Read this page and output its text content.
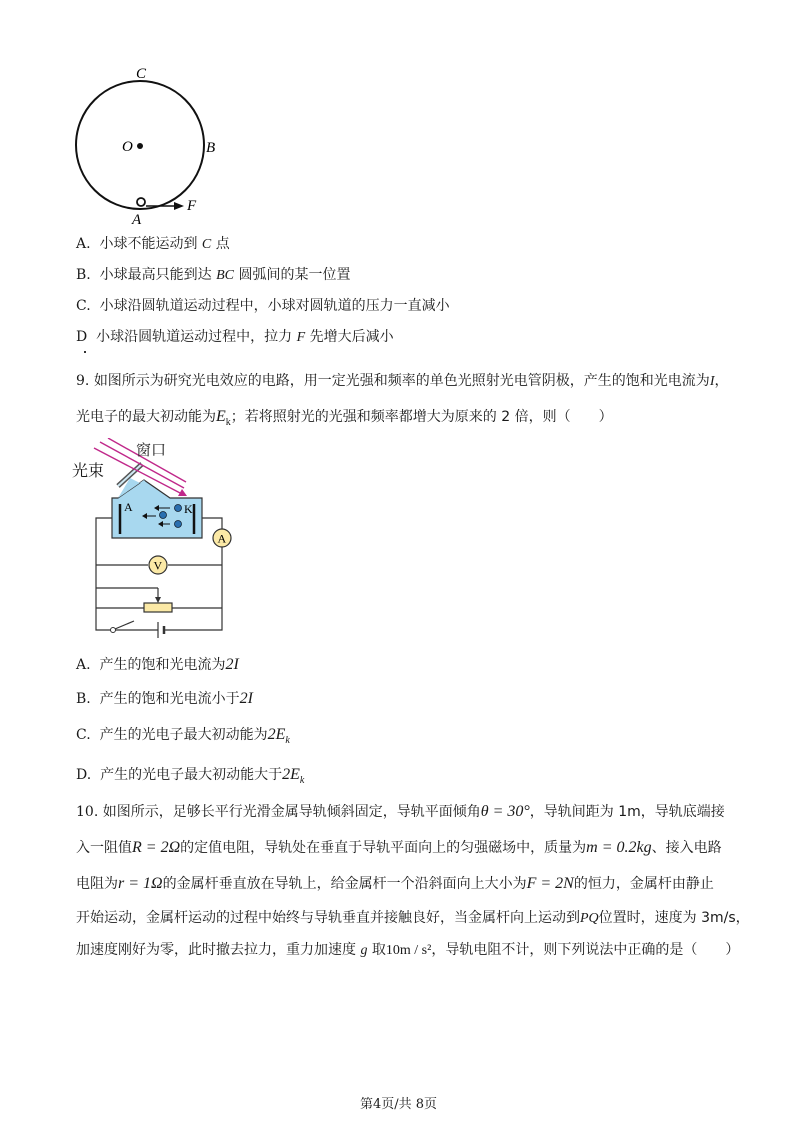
C
O	B
A
F
A. 小球不能运动到 C 点
B. 小球最高只能到达 BC 圆弧间的某一位置
C. 小球沿圆轨道运动过程中，小球对圆轨道的压力一直减小
D 小球沿圆轨道运动过程中，拉力 F 先增大后减小
9. 如图所示为研究光电效应的电路，用一定光强和频率的单色光照射光电管阴极，产生的饱和光电流为I，
光电子的最大初动能为$E_k$；若将照射光的光强和频率都增大为原来的 2 倍，则（　　）
A	K
A
V
窗口
光束
A. 产生的饱和光电流为2I
B. 产生的饱和光电流小于2I
C. 产生的光电子最大初动能为$2E_k$
D. 产生的光电子最大初动能大于$2E_k$
10. 如图所示，足够长平行光滑金属导轨倾斜固定，导轨平面倾角θ = 30°，导轨间距为 1m，导轨底端接
入一阻值R = 2Ω的定值电阻，导轨处在垂直于导轨平面向上的匀强磁场中，质量为m = 0.2kg、接入电路
电阻为r = 1Ω的金属杆垂直放在导轨上，给金属杆一个沿斜面向上大小为F = 2N的恒力，金属杆由静止
开始运动，金属杆运动的过程中始终与导轨垂直并接触良好，当金属杆向上运动到PQ位置时，速度为 3m/s，
加速度刚好为零，此时撤去拉力，重力加速度 g 取10m / s²，导轨电阻不计，则下列说法中正确的是（　　）
第4页/共 8页
